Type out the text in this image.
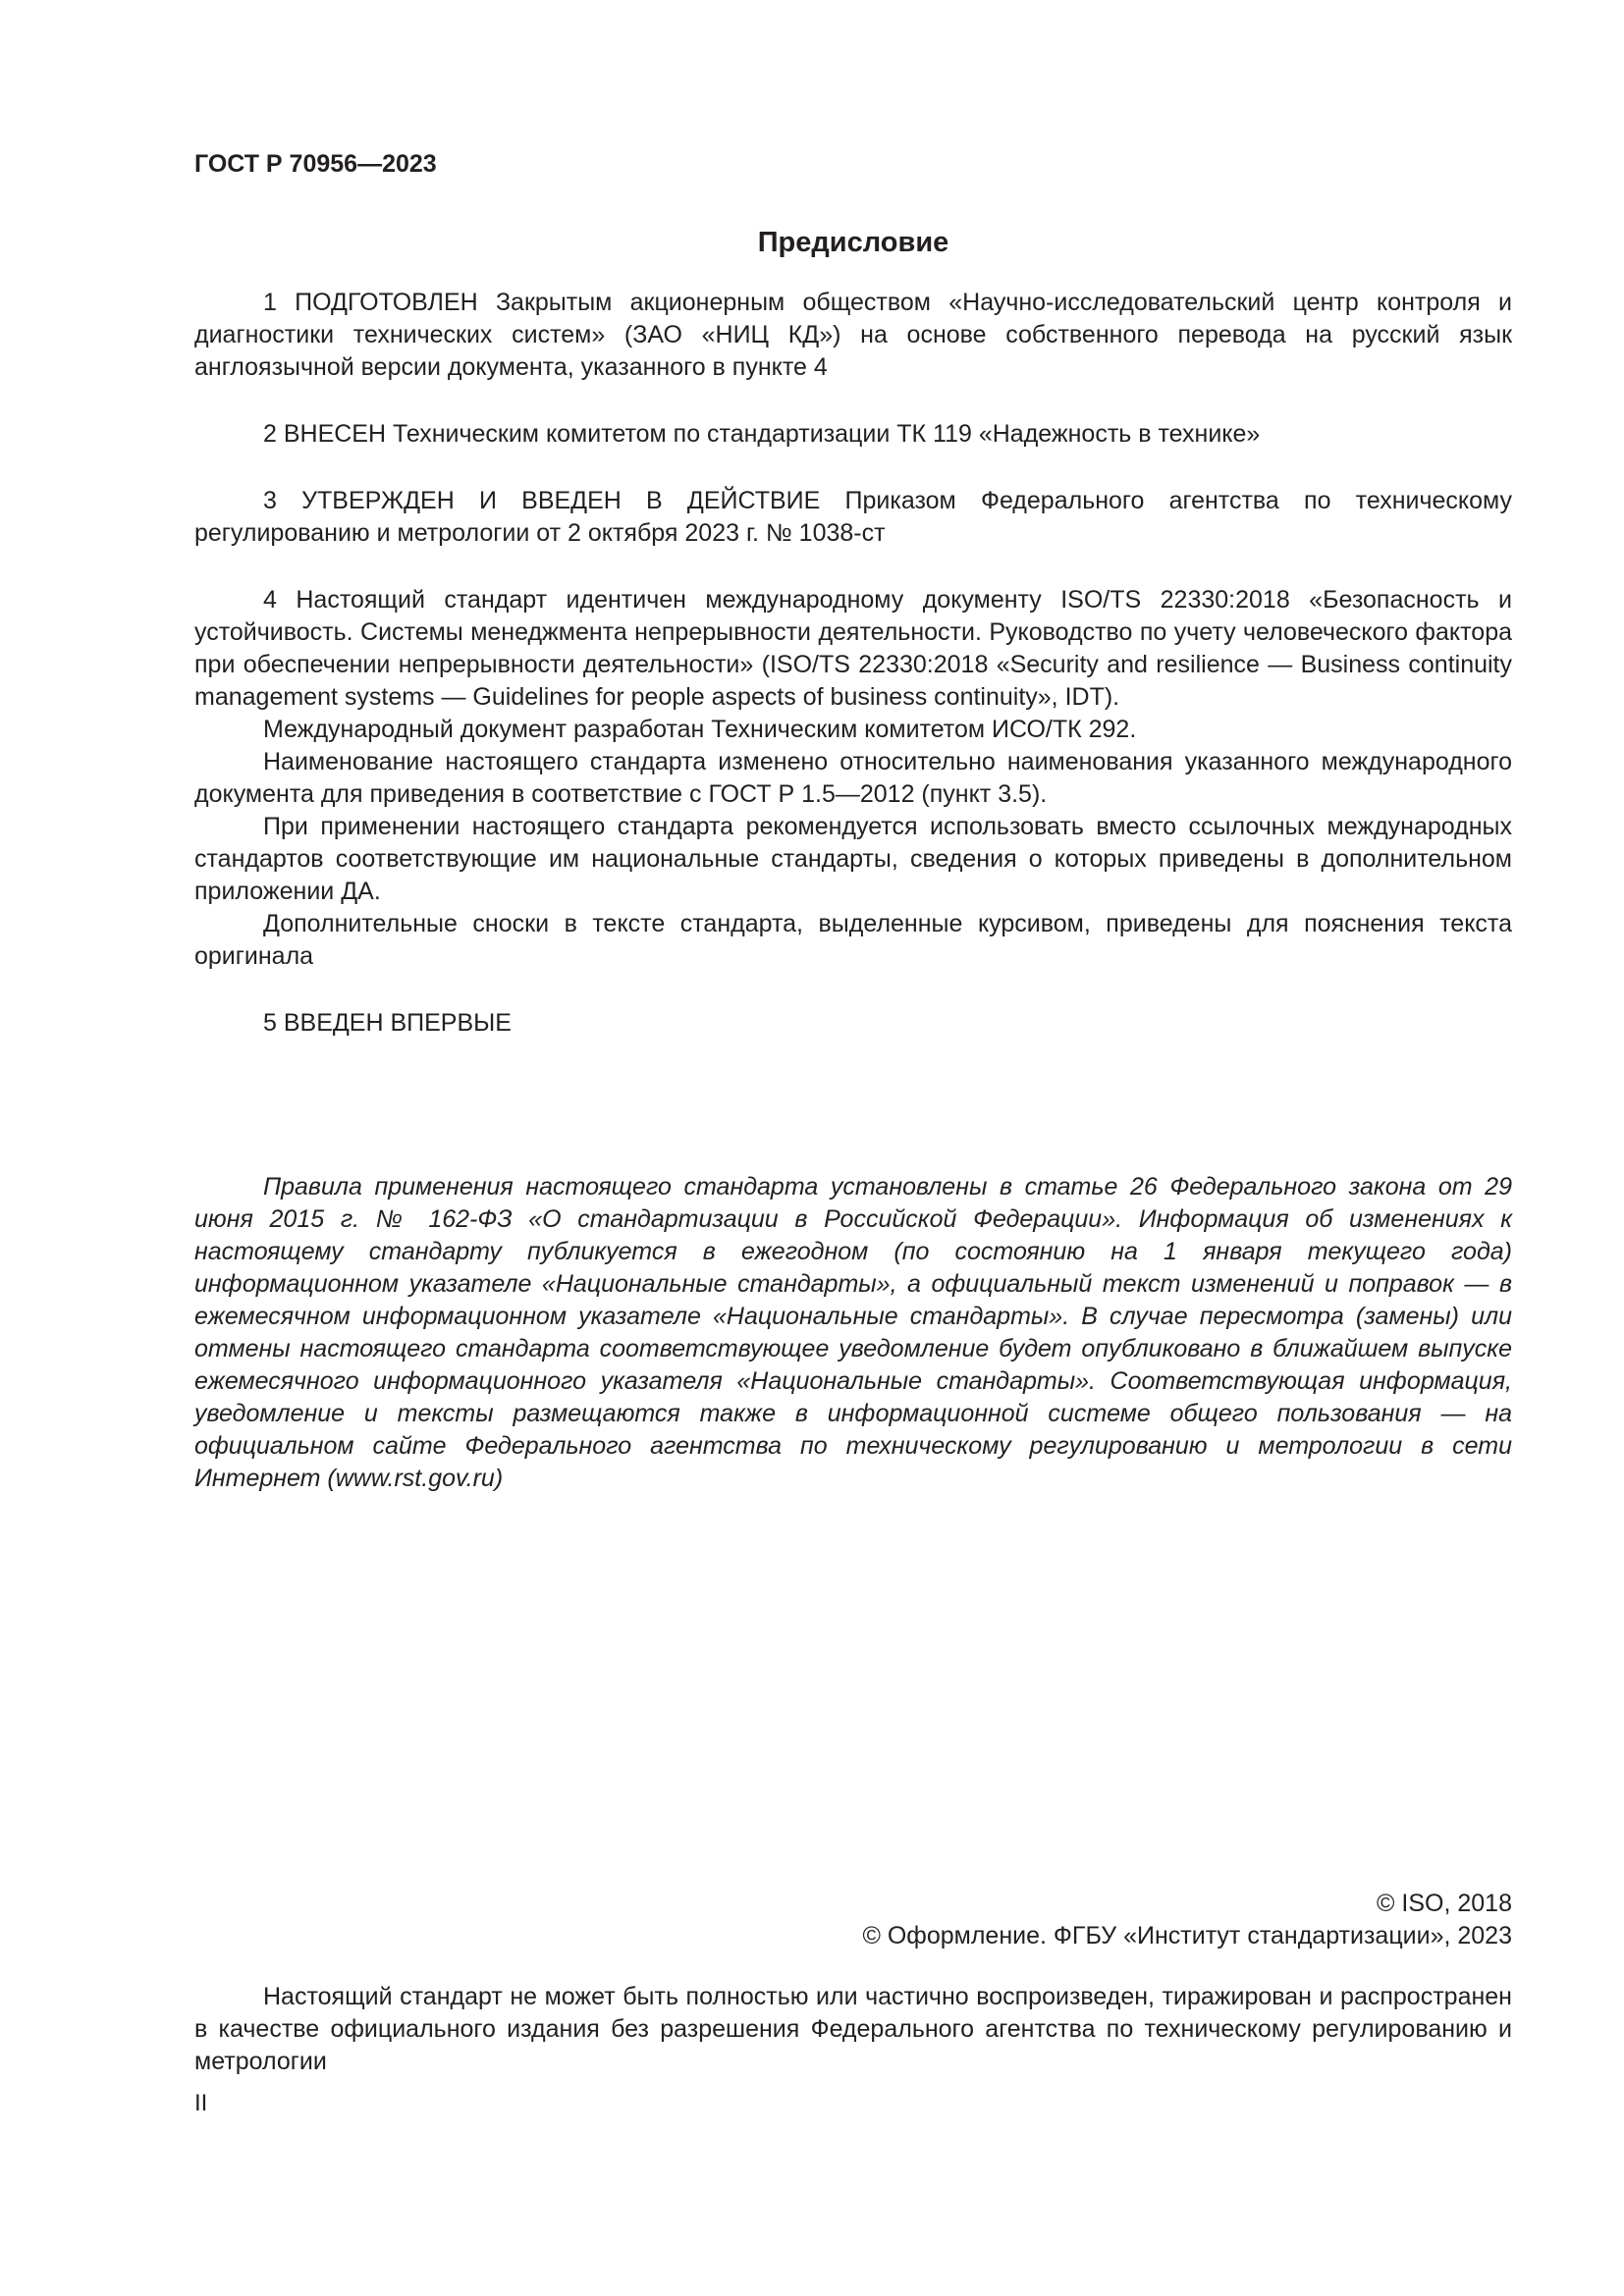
ГОСТ Р 70956—2023
Предисловие

1 ПОДГОТОВЛЕН Закрытым акционерным обществом «Научно-исследовательский центр контроля и диагностики технических систем» (ЗАО «НИЦ КД») на основе собственного перевода на русский язык англоязычной версии документа, указанного в пункте 4

2 ВНЕСЕН Техническим комитетом по стандартизации ТК 119 «Надежность в технике»

3 УТВЕРЖДЕН И ВВЕДЕН В ДЕЙСТВИЕ Приказом Федерального агентства по техническому регулированию и метрологии от 2 октября 2023 г. № 1038-ст

4 Настоящий стандарт идентичен международному документу ISO/TS 22330:2018 «Безопасность и устойчивость. Системы менеджмента непрерывности деятельности. Руководство по учету человеческого фактора при обеспечении непрерывности деятельности» (ISO/TS 22330:2018 «Security and resilience — Business continuity management systems — Guidelines for people aspects of business continuity», IDT).

Международный документ разработан Техническим комитетом ИСО/ТК 292.

Наименование настоящего стандарта изменено относительно наименования указанного международного документа для приведения в соответствие с ГОСТ Р 1.5—2012 (пункт 3.5).

При применении настоящего стандарта рекомендуется использовать вместо ссылочных международных стандартов соответствующие им национальные стандарты, сведения о которых приведены в дополнительном приложении ДА.

Дополнительные сноски в тексте стандарта, выделенные курсивом, приведены для пояснения текста оригинала

5 ВВЕДЕН ВПЕРВЫЕ

Правила применения настоящего стандарта установлены в статье 26 Федерального закона от 29 июня 2015 г. № 162-ФЗ «О стандартизации в Российской Федерации». Информация об изменениях к настоящему стандарту публикуется в ежегодном (по состоянию на 1 января текущего года) информационном указателе «Национальные стандарты», а официальный текст изменений и поправок — в ежемесячном информационном указателе «Национальные стандарты». В случае пересмотра (замены) или отмены настоящего стандарта соответствующее уведомление будет опубликовано в ближайшем выпуске ежемесячного информационного указателя «Национальные стандарты». Соответствующая информация, уведомление и тексты размещаются также в информационной системе общего пользования — на официальном сайте Федерального агентства по техническому регулированию и метрологии в сети Интернет (www.rst.gov.ru)

© ISO, 2018
© Оформление. ФГБУ «Институт стандартизации», 2023

Настоящий стандарт не может быть полностью или частично воспроизведен, тиражирован и распространен в качестве официального издания без разрешения Федерального агентства по техническому регулированию и метрологии

II
